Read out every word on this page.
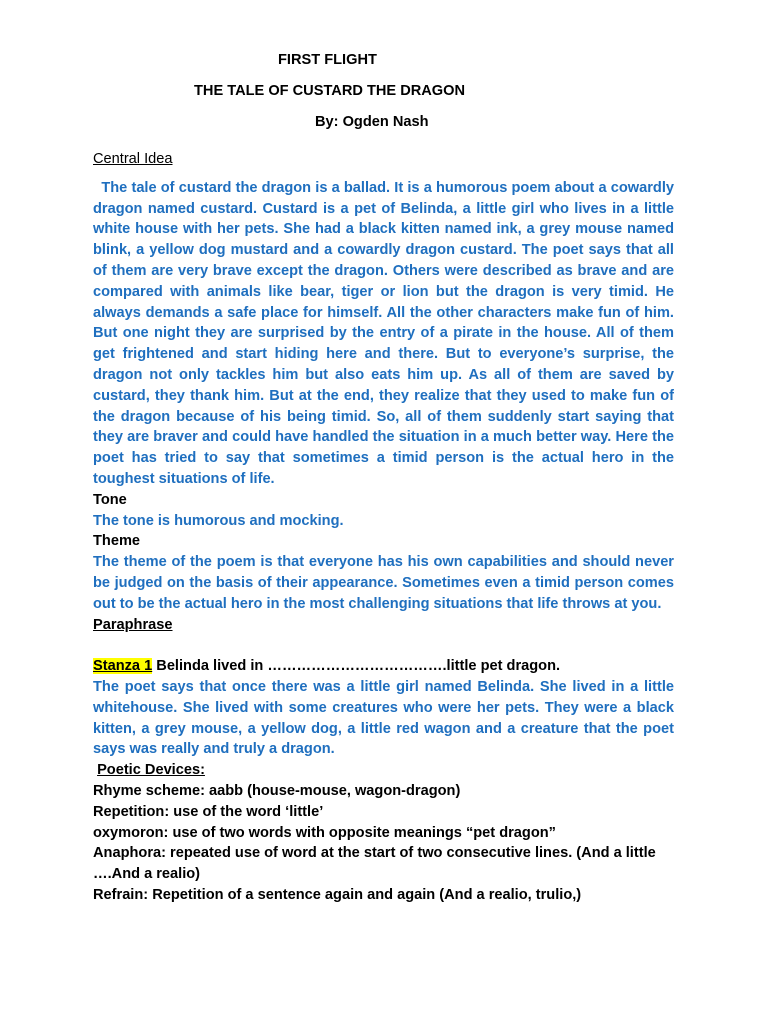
FIRST FLIGHT
THE TALE OF CUSTARD THE DRAGON
By: Ogden Nash
Central Idea
The tale of custard the dragon is a ballad. It is a humorous poem about a cowardly dragon named custard. Custard is a pet of Belinda, a little girl who lives in a little white house with her pets. She had a black kitten named ink, a grey mouse named blink, a yellow dog mustard and a cowardly dragon custard. The poet says that all of them are very brave except the dragon. Others were described as brave and are compared with animals like bear, tiger or lion but the dragon is very timid. He always demands a safe place for himself. All the other characters make fun of him. But one night they are surprised by the entry of a pirate in the house. All of them get frightened and start hiding here and there. But to everyone’s surprise, the dragon not only tackles him but also eats him up. As all of them are saved by custard, they thank him. But at the end, they realize that they used to make fun of the dragon because of his being timid. So, all of them suddenly start saying that they are braver and could have handled the situation in a much better way. Here the poet has tried to say that sometimes a timid person is the actual hero in the toughest situations of life.
Tone
The tone is humorous and mocking.
Theme
The theme of the poem is that everyone has his own capabilities and should never be judged on the basis of their appearance. Sometimes even a timid person comes out to be the actual hero in the most challenging situations that life throws at you.
Paraphrase
Stanza 1 Belinda lived in ……………………………….little pet dragon.
The poet says that once there was a little girl named Belinda. She lived in a little whitehouse. She lived with some creatures who were her pets. They were a black kitten, a grey mouse, a yellow dog, a little red wagon and a creature that the poet says was really and truly a dragon.
Poetic Devices:
Rhyme scheme: aabb (house-mouse, wagon-dragon)
Repetition: use of the word ‘little’
oxymoron: use of two words with opposite meanings “pet dragon”
Anaphora: repeated use of word at the start of two consecutive lines. (And a little ….And a realio)
Refrain: Repetition of a sentence again and again (And a realio, trulio,)
